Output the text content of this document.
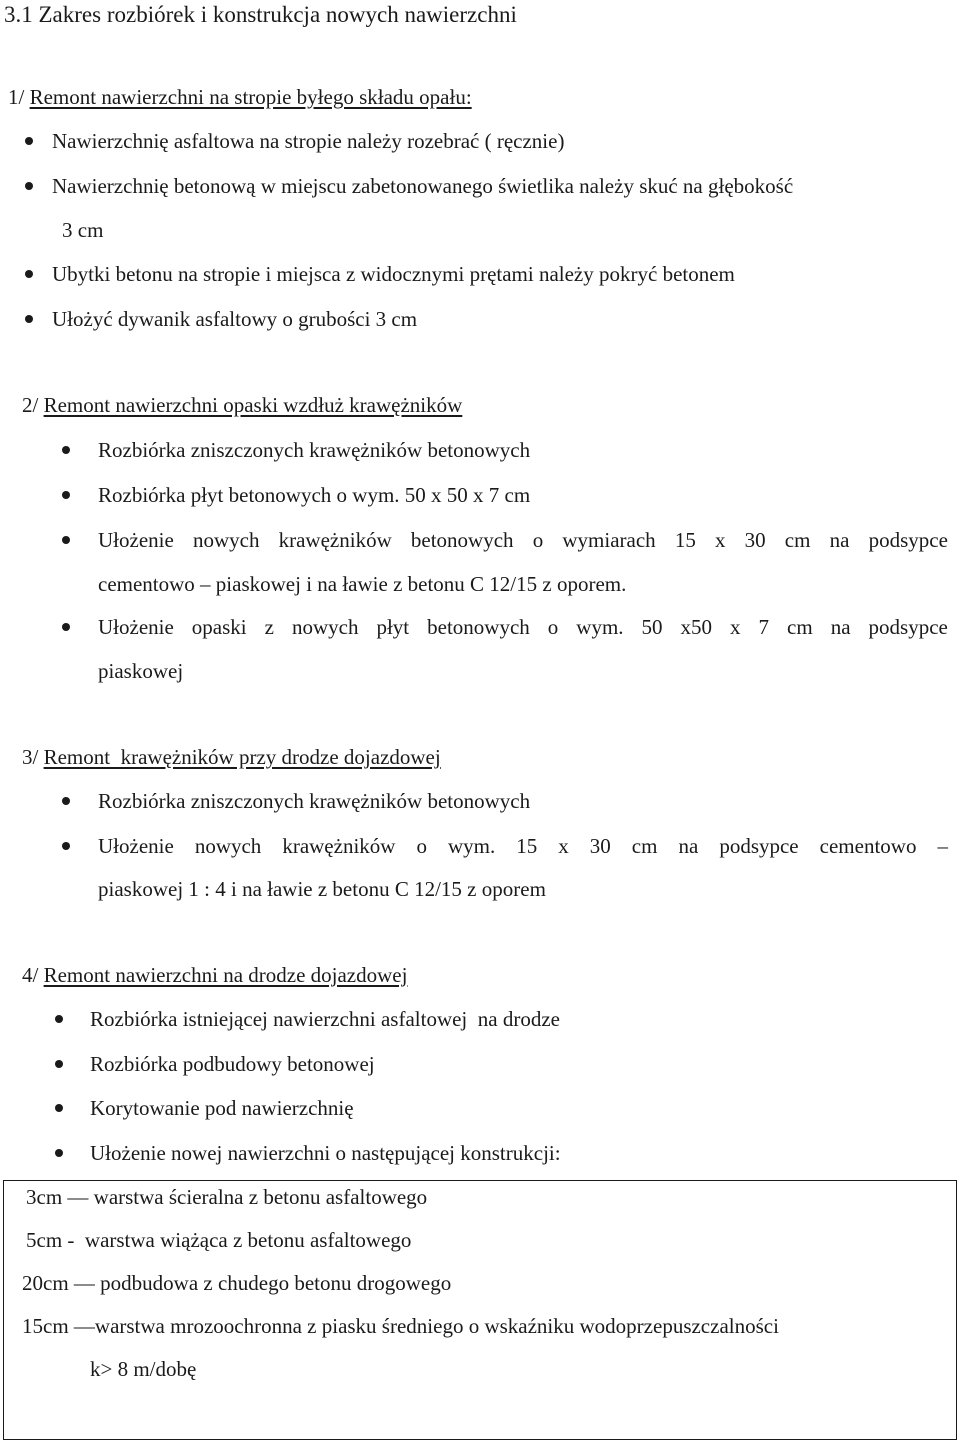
3.1 Zakres rozbiórek i konstrukcja nowych nawierzchni
1/ Remont nawierzchni na stropie byłego składu opału:
Nawierzchnię asfaltowa na stropie należy rozebrać ( ręcznie)
Nawierzchnię betonową w miejscu zabetonowanego świetlika należy skuć na głębokość
3 cm
Ubytki betonu na stropie i miejsca z widocznymi prętami należy pokryć betonem
Ułożyć dywanik asfaltowy o grubości 3 cm
2/ Remont nawierzchni opaski wzdłuż krawężników
Rozbiórka zniszczonych krawężników betonowych
Rozbiórka płyt betonowych o wym. 50 x 50 x 7 cm
Ułożenie nowych krawężników betonowych o wymiarach 15 x 30 cm na podsypce
cementowo – piaskowej i na ławie z betonu C 12/15 z oporem.
Ułożenie opaski z nowych płyt betonowych o wym. 50 x50 x 7 cm na podsypce
piaskowej
3/ Remont  krawężników przy drodze dojazdowej
Rozbiórka zniszczonych krawężników betonowych
Ułożenie nowych krawężników o wym. 15 x 30 cm na podsypce cementowo –
piaskowej 1 : 4 i na ławie z betonu C 12/15 z oporem
4/ Remont nawierzchni na drodze dojazdowej
Rozbiórka istniejącej nawierzchni asfaltowej  na drodze
Rozbiórka podbudowy betonowej
Korytowanie pod nawierzchnię
Ułożenie nowej nawierzchni o następującej konstrukcji:
3cm — warstwa ścieralna z betonu asfaltowego
5cm -  warstwa wiążąca z betonu asfaltowego
20cm — podbudowa z chudego betonu drogowego
15cm —warstwa mrozoochronna z piasku średniego o wskaźniku wodoprzepuszczalności
k> 8 m/dobę
